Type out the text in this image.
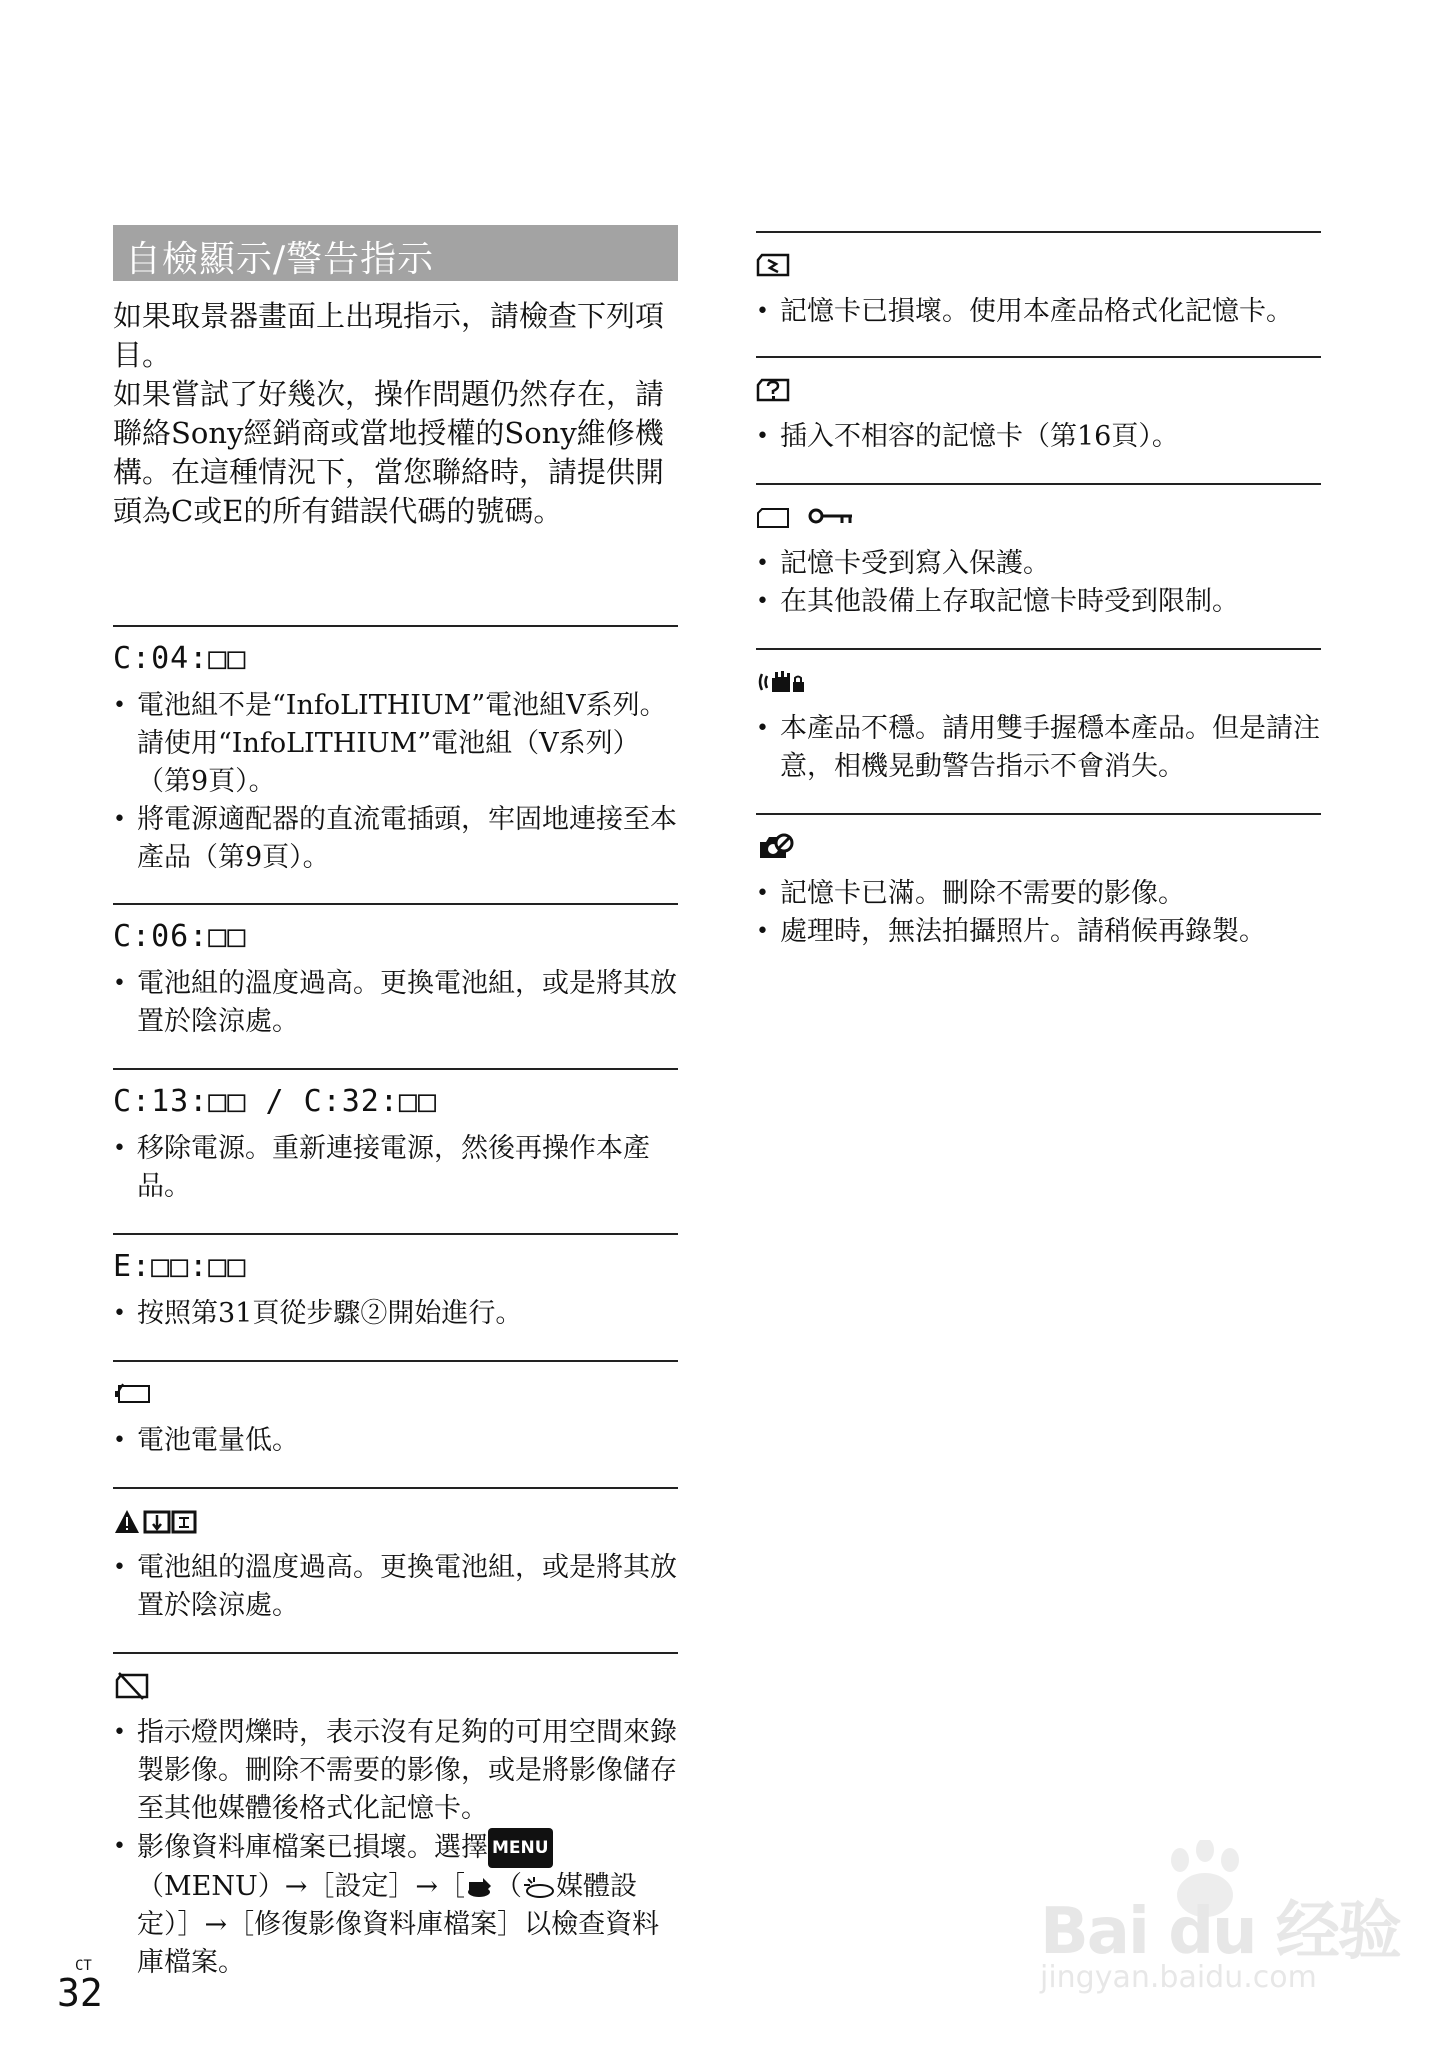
自檢顯示/警告指示

如果取景器畫面上出現指示，請檢查下列項目。

如果嘗試了好幾次，操作問題仍然存在，請聯絡Sony經銷商或當地授權的Sony維修機構。在這種情況下，當您聯絡時，請提供開頭為C或E的所有錯誤代碼的號碼。

C:04:□□
• 電池組不是“InfoLITHIUM”電池組V系列。請使用“InfoLITHIUM”電池組（V系列）（第9頁）。
• 將電源適配器的直流電插頭，牢固地連接至本產品（第9頁）。
C:06:□□
• 電池組的溫度過高。更換電池組，或是將其放置於陰涼處。
C:13:□□ / C:32:□□
• 移除電源。重新連接電源，然後再操作本產品。
E:□□:□□
• 按照第31頁從步驟②開始進行。
• 電池電量低。
• 電池組的溫度過高。更換電池組，或是將其放置於陰涼處。
• 指示燈閃爍時，表示沒有足夠的可用空間來錄製影像。刪除不需要的影像，或是將影像儲存至其他媒體後格式化記憶卡。
• 影像資料庫檔案已損壞。選擇 MENU（MENU）→［設定］→［ （ 媒體設定）］→［修復影像資料庫檔案］以檢查資料庫檔案。
• 記憶卡已損壞。使用本產品格式化記憶卡。
• 插入不相容的記憶卡（第16頁）。
• 記憶卡受到寫入保護。
• 在其他設備上存取記憶卡時受到限制。
• 本產品不穩。請用雙手握穩本產品。但是請注意，相機晃動警告指示不會消失。
• 記憶卡已滿。刪除不需要的影像。
• 處理時，無法拍攝照片。請稍候再錄製。
CT
32
Bai du 经验
jingyan.baidu.com
